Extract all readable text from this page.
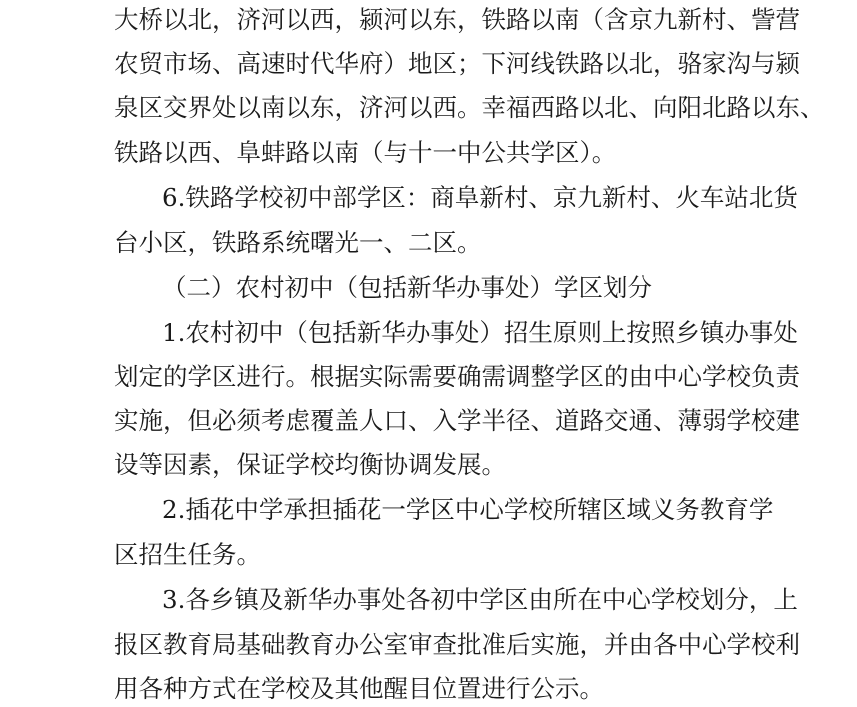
大桥以北，济河以西，颍河以东，铁路以南（含京九新村、訾营
农贸市场、高速时代华府）地区；下河线铁路以北，骆家沟与颍
泉区交界处以南以东，济河以西。幸福西路以北、向阳北路以东、
铁路以西、阜蚌路以南（与十一中公共学区）。
6.铁路学校初中部学区：商阜新村、京九新村、火车站北货
台小区，铁路系统曙光一、二区。
（二）农村初中（包括新华办事处）学区划分
1.农村初中（包括新华办事处）招生原则上按照乡镇办事处
划定的学区进行。根据实际需要确需调整学区的由中心学校负责
实施，但必须考虑覆盖人口、入学半径、道路交通、薄弱学校建
设等因素，保证学校均衡协调发展。
2.插花中学承担插花一学区中心学校所辖区域义务教育学
区招生任务。
3.各乡镇及新华办事处各初中学区由所在中心学校划分，上
报区教育局基础教育办公室审查批准后实施，并由各中心学校利
用各种方式在学校及其他醒目位置进行公示。
